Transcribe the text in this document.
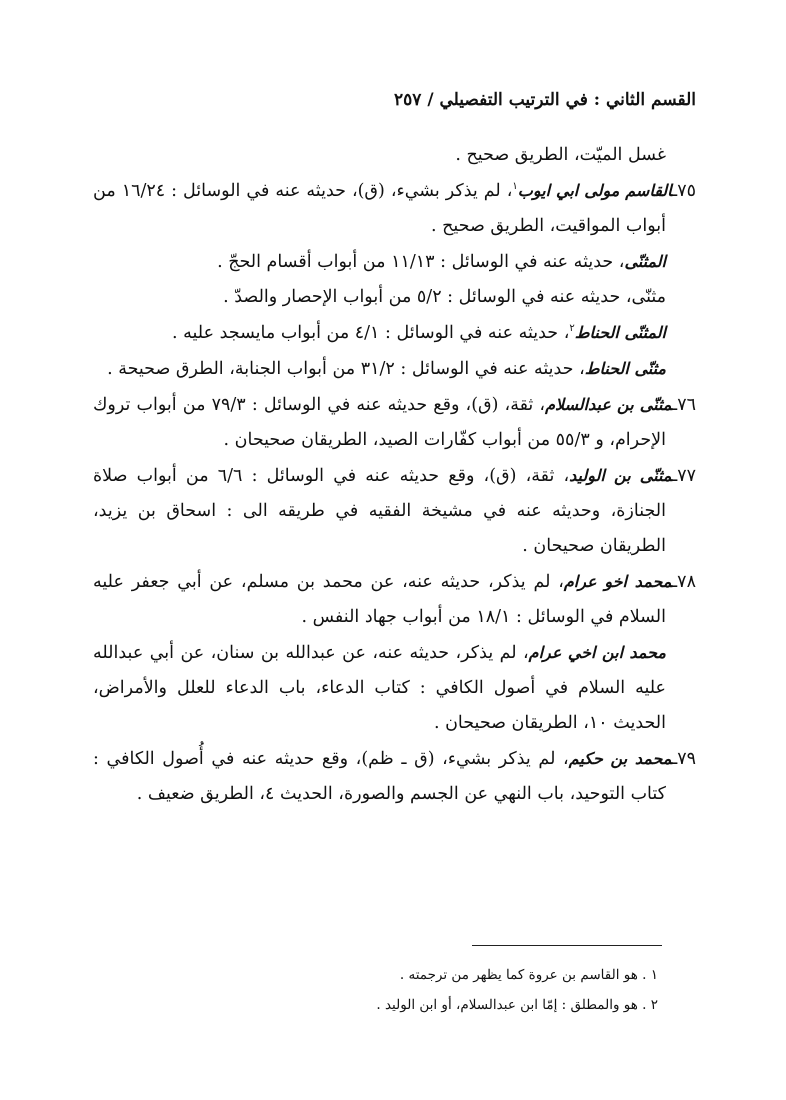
القسم الثاني : في الترتيب التفصيلي / ٢٥٧
غسل الميّت، الطريق صحيح .
٧٥ـالقاسم مولى ابي ايوب$^١$، لم يذكر بشيء، (ق)، حديثه عنه في الوسائل : ١٦/٢٤ من أبواب المواقيت، الطريق صحيح .
المثنّى، حديثه عنه في الوسائل : ١١/١٣ من أبواب أقسام الحجّ .
مثنّى، حديثه عنه في الوسائل : ٥/٢ من أبواب الإحصار والصدّ .
المثنّى الحناط$^٢$، حديثه عنه في الوسائل : ٤/١ من أبواب مايسجد عليه .
مثنّى الحناط، حديثه عنه في الوسائل : ٣١/٢ من أبواب الجنابة، الطرق صحيحة .
٧٦ـمثنّى بن عبدالسلام، ثقة، (ق)، وقع حديثه عنه في الوسائل : ٧٩/٣ من أبواب تروك الإحرام، و ٥٥/٣ من أبواب كفّارات الصيد، الطريقان صحيحان .
٧٧ـمثنّى بن الوليد، ثقة، (ق)، وقع حديثه عنه في الوسائل : ٦/٦ من أبواب صلاة الجنازة، وحديثه عنه في مشيخة الفقيه في طريقه الى : اسحاق بن يزيد، الطريقان صحيحان .
٧٨ـمحمد اخو عرام، لم يذكر، حديثه عنه، عن محمد بن مسلم، عن أبي جعفر عليه السلام في الوسائل : ١٨/١ من أبواب جهاد النفس .
محمد ابن اخي عرام، لم يذكر، حديثه عنه، عن عبدالله بن سنان، عن أبي عبدالله عليه السلام في أصول الكافي : كتاب الدعاء، باب الدعاء للعلل والأمراض، الحديث ١٠، الطريقان صحيحان .
٧٩ـمحمد بن حكيم، لم يذكر بشيء، (ق ـ ظم)، وقع حديثه عنه في أُصول الكافي : كتاب التوحيد، باب النهي عن الجسم والصورة، الحديث ٤، الطريق ضعيف .
١ . هو القاسم بن عروة كما يظهر من ترجمته .
٢ . هو والمطلق : إمّا ابن عبدالسلام، أو ابن الوليد .
